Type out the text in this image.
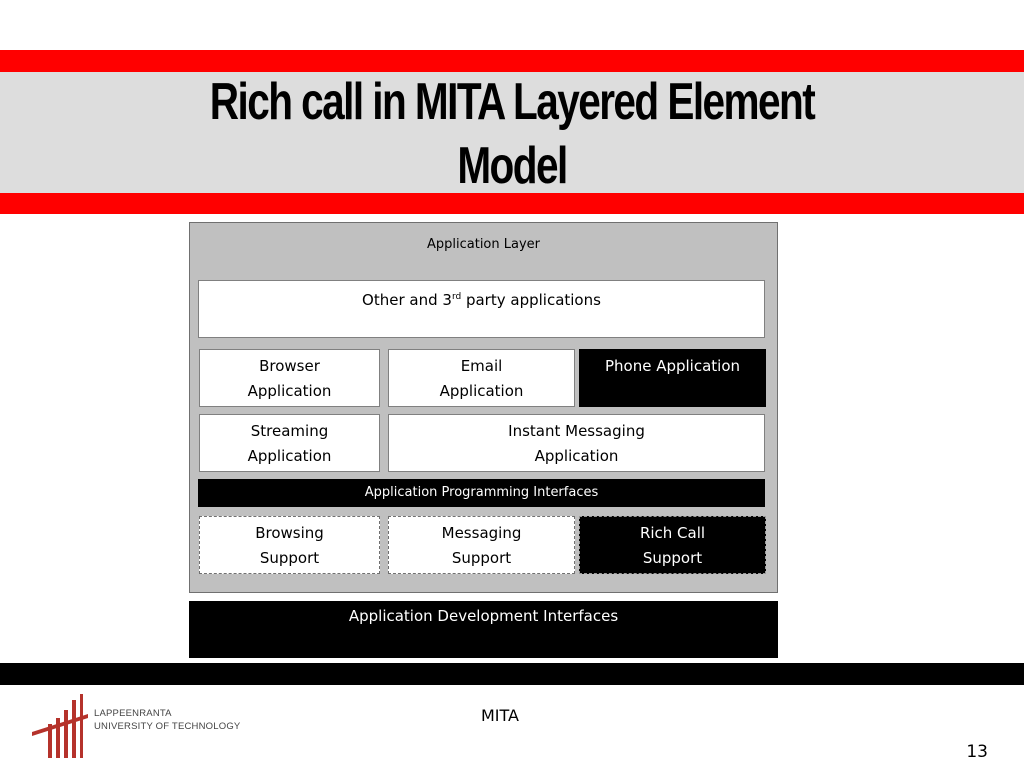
Rich call in MITA Layered Element
Model
Application Layer
Other and 3rd party applications
Browser
Application
Email
Application
Phone Application
Streaming
Application
Instant Messaging
Application
Application Programming Interfaces
Browsing
Support
Messaging
Support
Rich Call
Support
Application Development Interfaces
LAPPEENRANTA
UNIVERSITY OF TECHNOLOGY
MITA
13
